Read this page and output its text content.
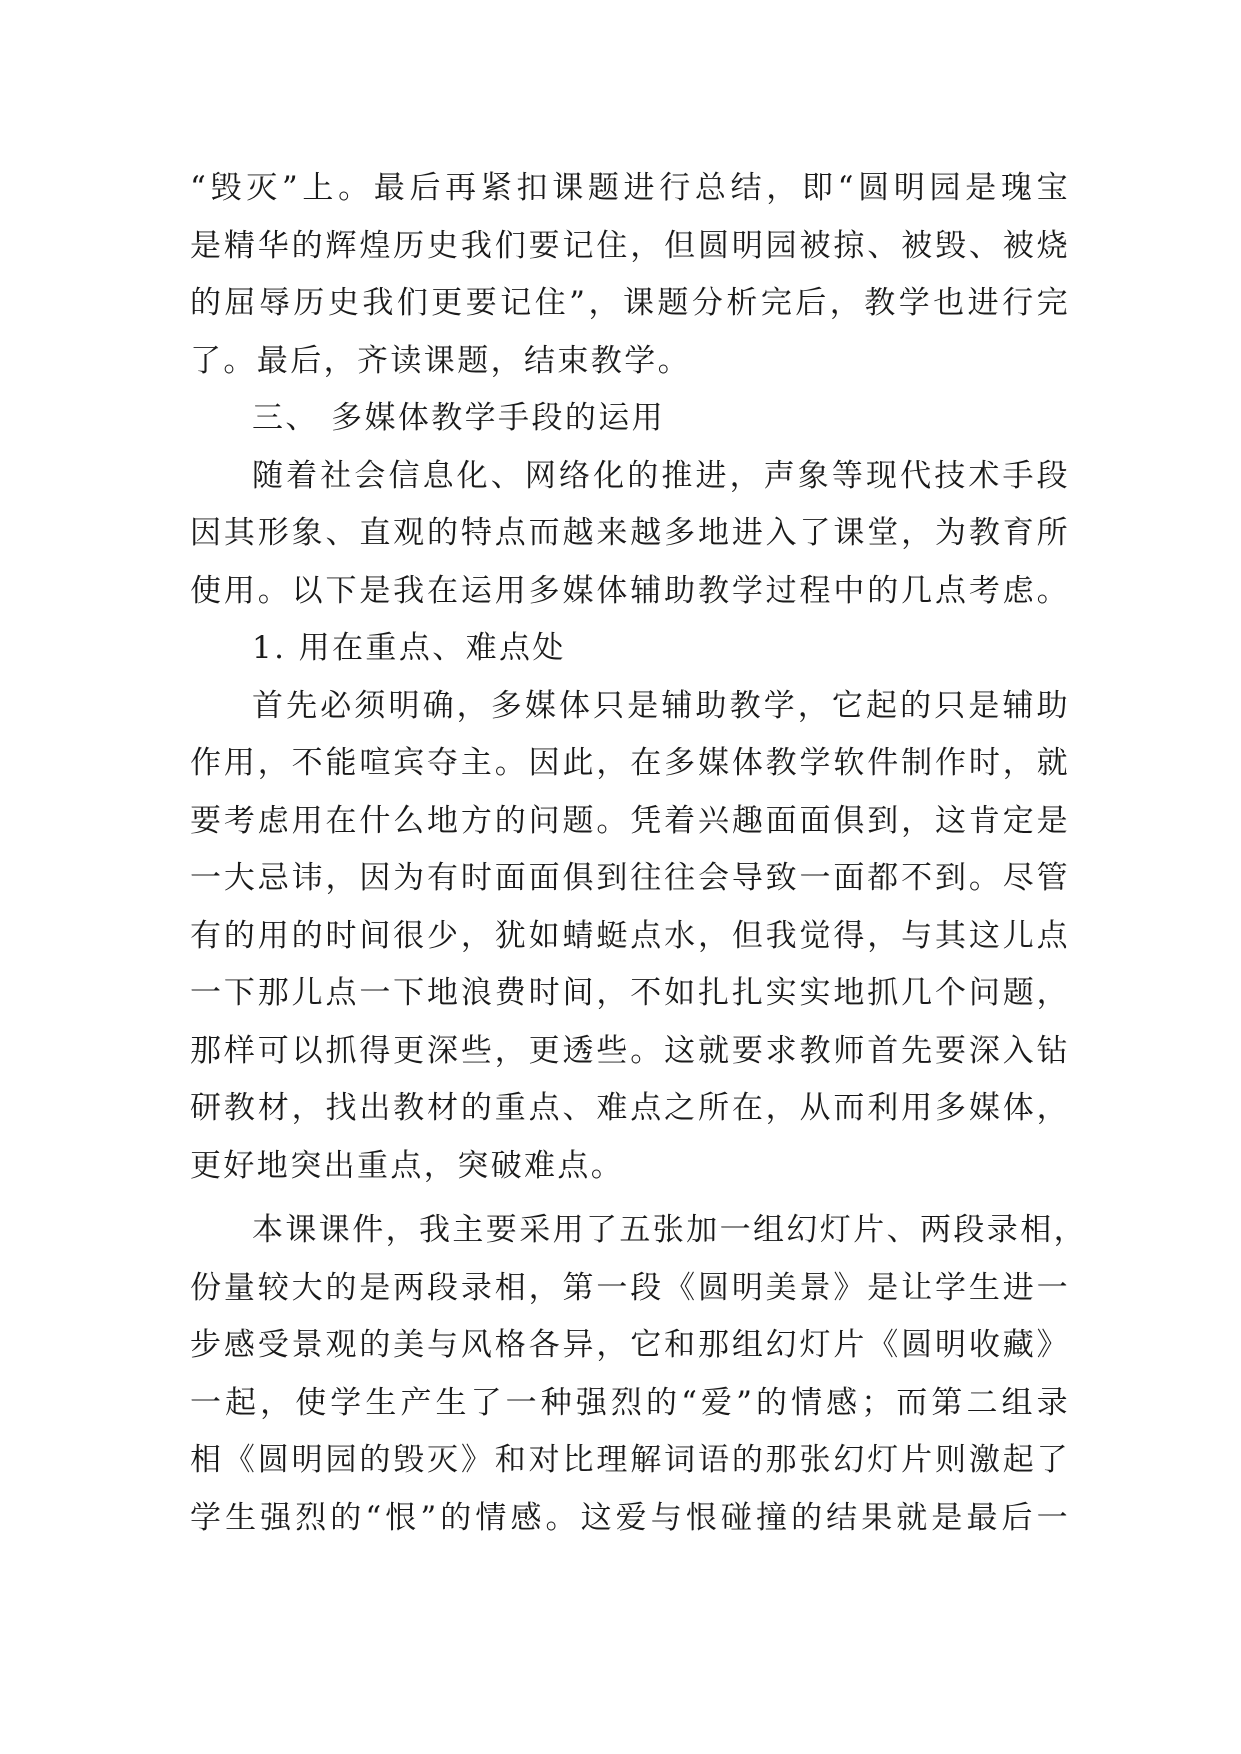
“毁灭”上。最后再紧扣课题进行总结，即“圆明园是瑰宝
是精华的辉煌历史我们要记住，但圆明园被掠、被毁、被烧
的屈辱历史我们更要记住”，课题分析完后，教学也进行完
了。最后，齐读课题，结束教学。
三、 多媒体教学手段的运用
随着社会信息化、网络化的推进，声象等现代技术手段
因其形象、直观的特点而越来越多地进入了课堂，为教育所
使用。以下是我在运用多媒体辅助教学过程中的几点考虑。
1. 用在重点、难点处
首先必须明确，多媒体只是辅助教学，它起的只是辅助
作用，不能喧宾夺主。因此，在多媒体教学软件制作时，就
要考虑用在什么地方的问题。凭着兴趣面面俱到，这肯定是
一大忌讳，因为有时面面俱到往往会导致一面都不到。尽管
有的用的时间很少，犹如蜻蜓点水，但我觉得，与其这儿点
一下那儿点一下地浪费时间，不如扎扎实实地抓几个问题，
那样可以抓得更深些，更透些。这就要求教师首先要深入钻
研教材，找出教材的重点、难点之所在，从而利用多媒体，
更好地突出重点，突破难点。
本课课件，我主要采用了五张加一组幻灯片、两段录相，
份量较大的是两段录相，第一段《圆明美景》是让学生进一
步感受景观的美与风格各异，它和那组幻灯片《圆明收藏》
一起，使学生产生了一种强烈的“爱”的情感；而第二组录
相《圆明园的毁灭》和对比理解词语的那张幻灯片则激起了
学生强烈的“恨”的情感。这爱与恨碰撞的结果就是最后一
